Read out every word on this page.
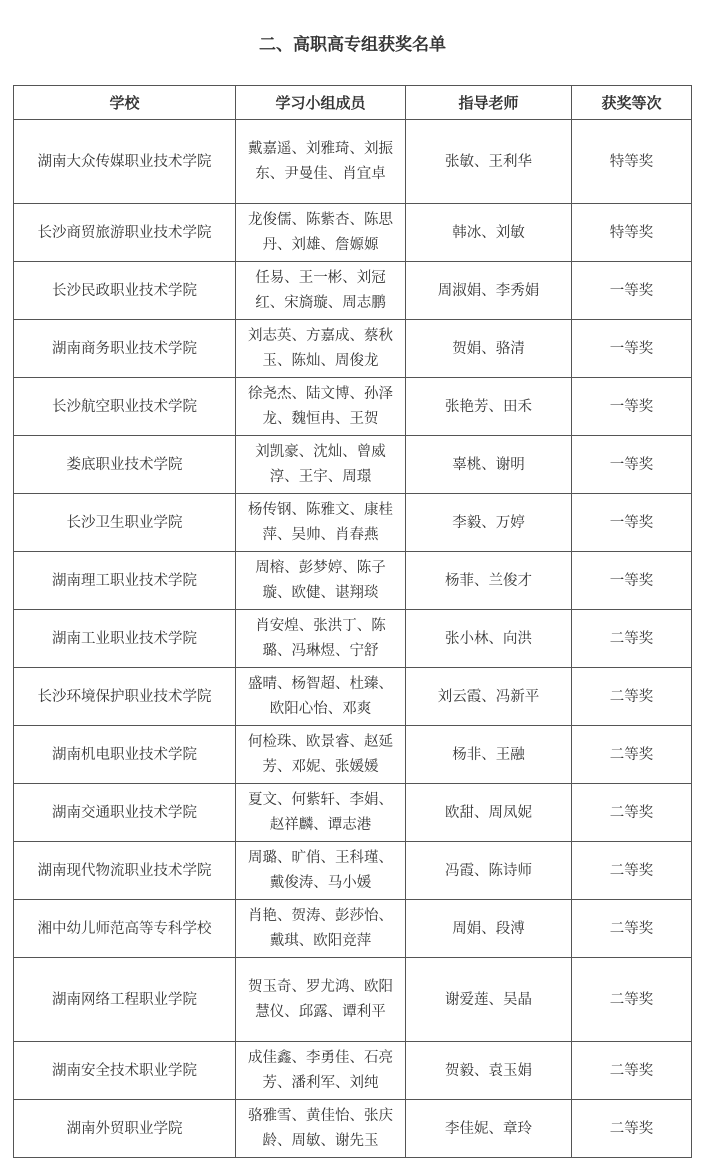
二、高职高专组获奖名单
学校	学习小组成员	指导老师	获奖等次
湖南大众传媒职业技术学院	戴嘉遥、刘雅琦、刘振东、尹曼佳、肖宜卓	张敏、王利华	特等奖
长沙商贸旅游职业技术学院	龙俊儒、陈紫杏、陈思丹、刘雄、詹嫄嫄	韩冰、刘敏	特等奖
长沙民政职业技术学院	任易、王一彬、刘冠红、宋旖璇、周志鹏	周淑娟、李秀娟	一等奖
湖南商务职业技术学院	刘志英、方嘉成、蔡秋玉、陈灿、周俊龙	贺娟、骆清	一等奖
长沙航空职业技术学院	徐尧杰、陆文博、孙泽龙、魏恒冉、王贺	张艳芳、田禾	一等奖
娄底职业技术学院	刘凯豪、沈灿、曾威淳、王宇、周璟	辜桃、谢明	一等奖
长沙卫生职业学院	杨传钢、陈雅文、康桂萍、吴帅、肖春燕	李毅、万婷	一等奖
湖南理工职业技术学院	周榕、彭梦婷、陈子璇、欧健、谌翔琰	杨菲、兰俊才	一等奖
湖南工业职业技术学院	肖安煌、张洪丁、陈璐、冯琳煜、宁舒	张小林、向洪	二等奖
长沙环境保护职业技术学院	盛晴、杨智超、杜臻、欧阳心怡、邓爽	刘云霞、冯新平	二等奖
湖南机电职业技术学院	何检珠、欧景睿、赵延芳、邓妮、张媛媛	杨非、王融	二等奖
湖南交通职业技术学院	夏文、何紫轩、李娟、赵祥麟、谭志港	欧甜、周凤妮	二等奖
湖南现代物流职业技术学院	周璐、旷俏、王科瑾、戴俊涛、马小媛	冯霞、陈诗师	二等奖
湘中幼儿师范高等专科学校	肖艳、贺涛、彭莎怡、戴琪、欧阳竞萍	周娟、段溥	二等奖
湖南网络工程职业学院	贺玉奇、罗尤鸿、欧阳慧仪、邱露、谭利平	谢爱莲、吴晶	二等奖
湖南安全技术职业学院	成佳鑫、李勇佳、石亮芳、潘利军、刘纯	贺毅、袁玉娟	二等奖
湖南外贸职业学院	骆雅雪、黄佳怡、张庆龄、周敏、谢先玉	李佳妮、章玲	二等奖
